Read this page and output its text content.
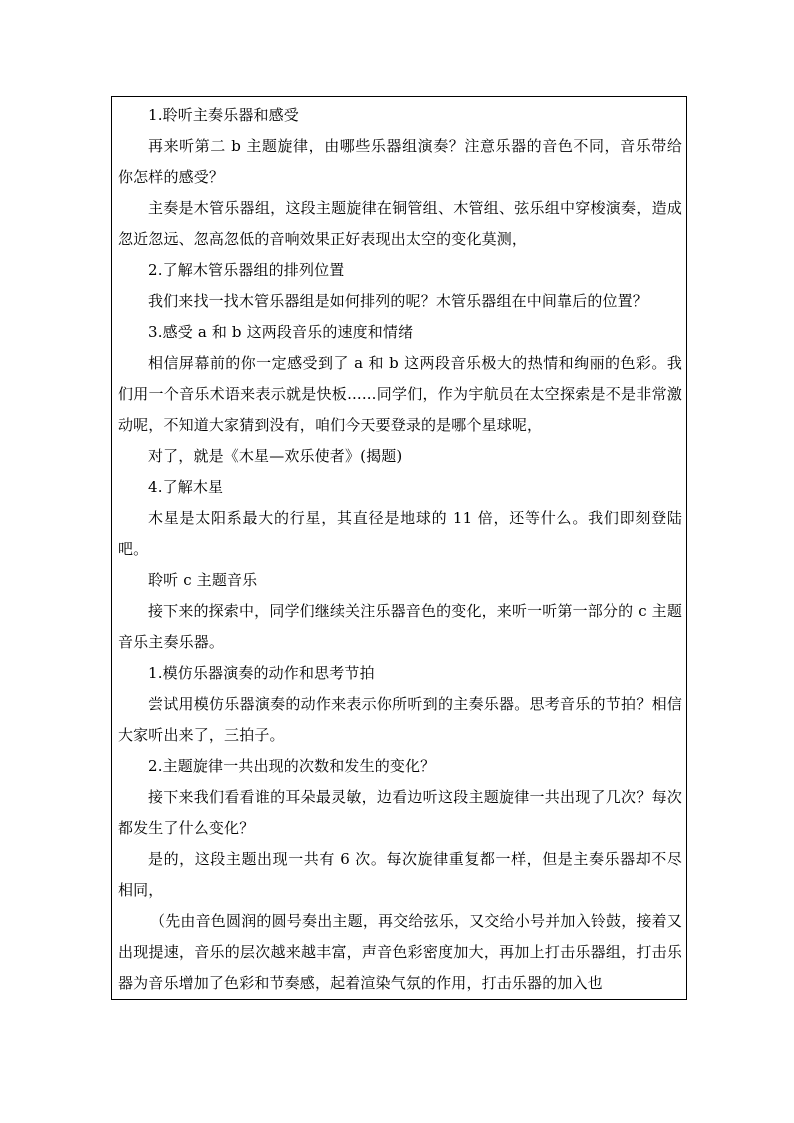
1.聆听主奏乐器和感受

再来听第二 b 主题旋律，由哪些乐器组演奏？注意乐器的音色不同，音乐带给你怎样的感受？

主奏是木管乐器组，这段主题旋律在铜管组、木管组、弦乐组中穿梭演奏，造成忽近忽远、忽高忽低的音响效果正好表现出太空的变化莫测，

2.了解木管乐器组的排列位置

我们来找一找木管乐器组是如何排列的呢？木管乐器组在中间靠后的位置？

3.感受 a 和 b 这两段音乐的速度和情绪

相信屏幕前的你一定感受到了 a 和 b 这两段音乐极大的热情和绚丽的色彩。我们用一个音乐术语来表示就是快板......同学们，作为宇航员在太空探索是不是非常激动呢，不知道大家猜到没有，咱们今天要登录的是哪个星球呢，

对了，就是《木星—欢乐使者》(揭题)

4.了解木星

木星是太阳系最大的行星，其直径是地球的 11 倍，还等什么。我们即刻登陆吧。

聆听 c 主题音乐

接下来的探索中，同学们继续关注乐器音色的变化，来听一听第一部分的 c 主题音乐主奏乐器。

1.模仿乐器演奏的动作和思考节拍

尝试用模仿乐器演奏的动作来表示你所听到的主奏乐器。思考音乐的节拍？相信大家听出来了，三拍子。

2.主题旋律一共出现的次数和发生的变化？

接下来我们看看谁的耳朵最灵敏，边看边听这段主题旋律一共出现了几次？每次都发生了什么变化？

是的，这段主题出现一共有 6 次。每次旋律重复都一样，但是主奏乐器却不尽相同，

（先由音色圆润的圆号奏出主题，再交给弦乐，又交给小号并加入铃鼓，接着又出现提速，音乐的层次越来越丰富，声音色彩密度加大，再加上打击乐器组，打击乐器为音乐增加了色彩和节奏感，起着渲染气氛的作用，打击乐器的加入也
